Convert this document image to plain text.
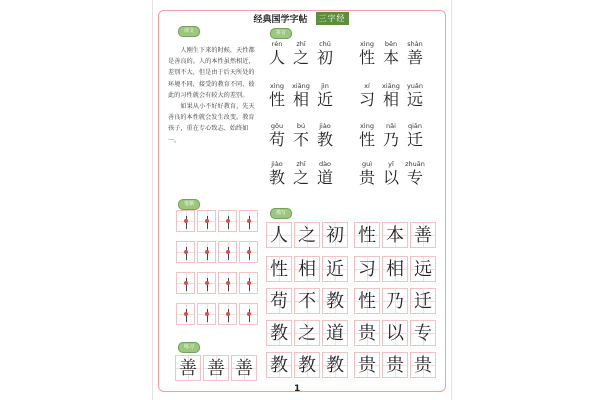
经典国学字帖 三字经
译文

人刚生下来的时候，天性都是善良的。人的本性虽然相近，差别不大，但是由于后天所处的环境不同，接受的教育不同，彼此的习性就会有较大的差别。

如果从小不好好教育，先天善良的本性就会发生改变。教育孩子，重在专心致志、始终如一。

拼音
rén
人
zhī
之
chū
初
xìng
性
běn
本
shàn
善
xìng
性
xiāng
相
jìn
近
xí
习
xiāng
相
yuǎn
远
gǒu
苟
bú
不
jiào
教
xìng
性
nǎi
乃
qiān
迁
jiào
教
zhī
之
dào
道
guì
贵
yǐ
以
zhuān
专
笔顺
描写
人 之 初 性 本 善
性 相 近 习 相 远
苟 不 教 性 乃 迁
教 之 道 贵 以 专
教 教 教 贵 贵 贵
练习
善 善 善
1
